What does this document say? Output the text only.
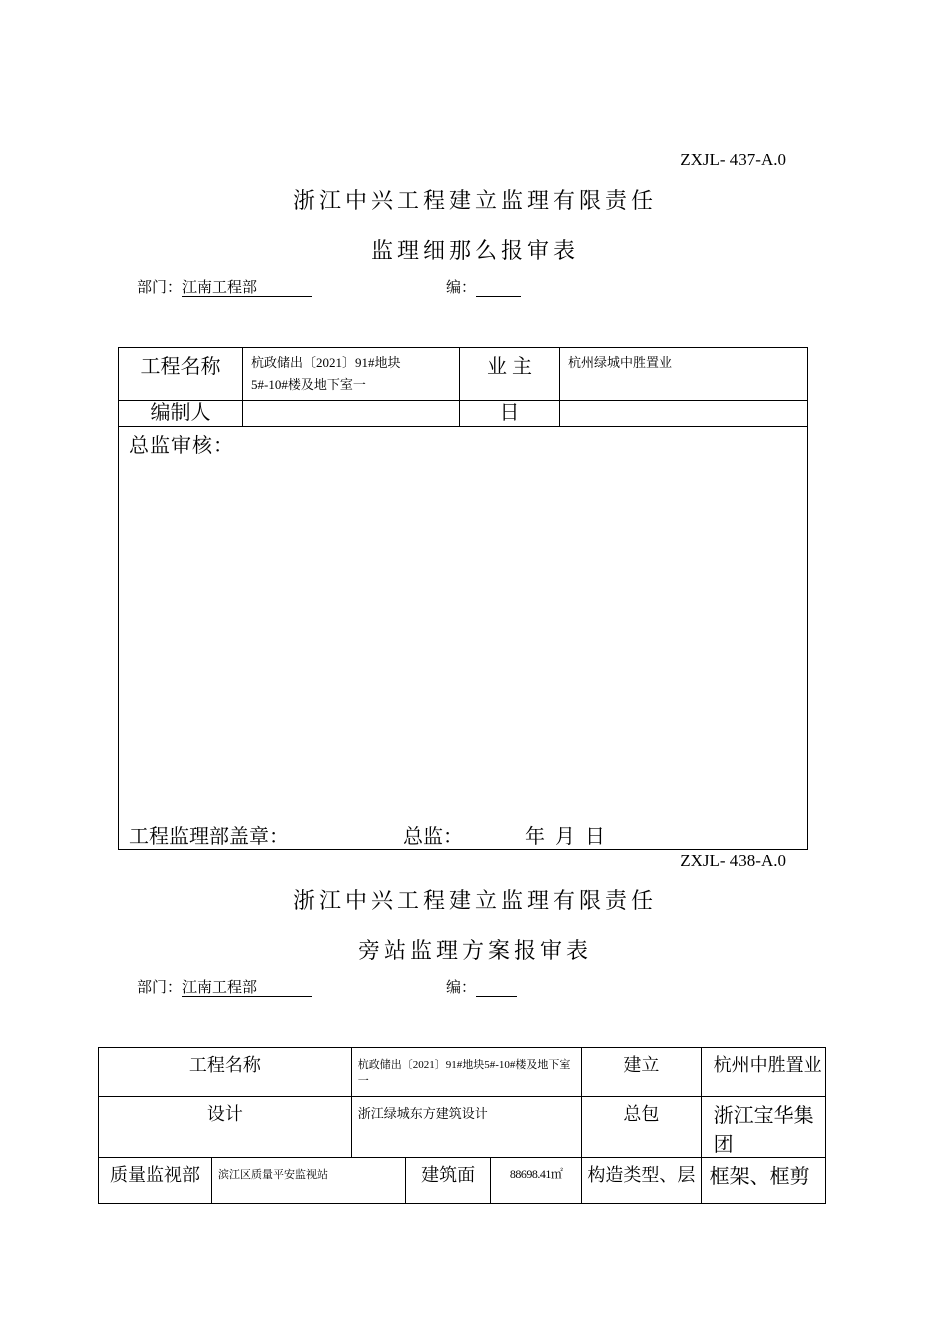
ZXJL- 437-A.0
浙江中兴工程建立监理有限责任
监理细那么报审表
部门：江南工程部	编：
工程名称	杭政储出〔2021〕91#地块
5#-10#楼及地下室一	业 主	杭州绿城中胜置业
编制人		日	

总监审核：
工程监理部盖章： 总监： 年  月  日			
ZXJL- 438-A.0
浙江中兴工程建立监理有限责任
旁站监理方案报审表
部门：江南工程部	编：
工程名称		杭政储出〔2021〕91#地块5#-10#楼及地下室一			建立	杭州中胜置业
设计		浙江绿城东方建筑设计			总包	浙江宝华集团
质量监视部	滨江区质量平安监视站		建筑面	88698.41㎡	构造类型、层	框架、框剪
